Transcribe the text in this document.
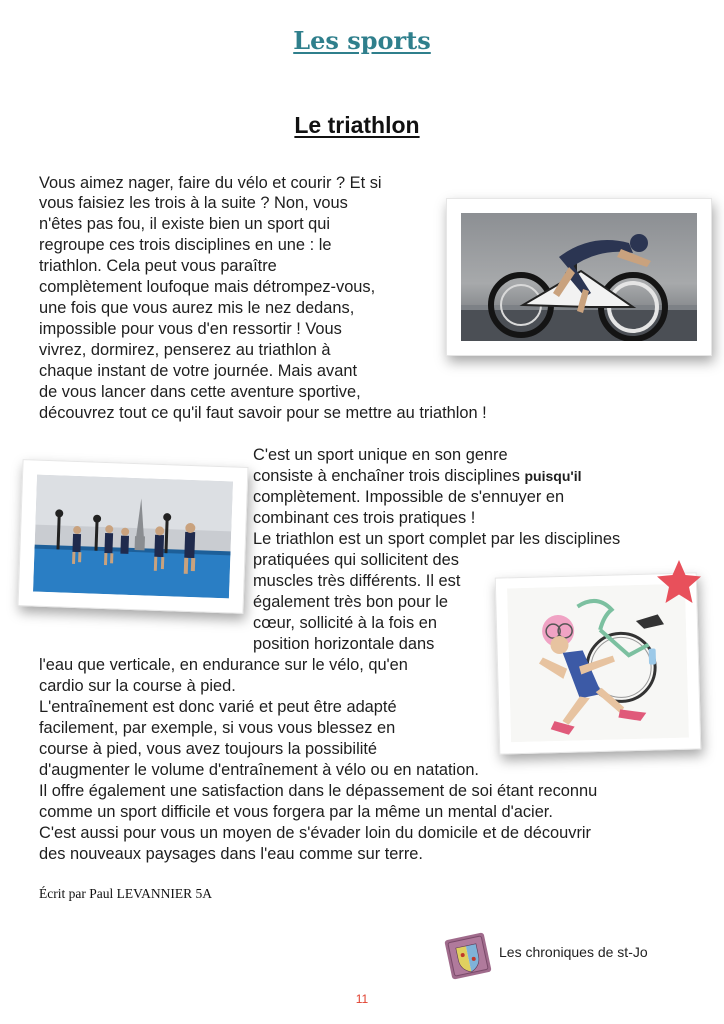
Les sports
Le triathlon
Vous aimez nager, faire du vélo et courir ? Et si
vous faisiez les trois à la suite ? Non, vous
n'êtes pas fou, il existe bien un sport qui
regroupe ces trois disciplines en une : le
triathlon. Cela peut vous paraître
complètement loufoque mais détrompez-vous,
une fois que vous aurez mis le nez dedans,
impossible pour vous d'en ressortir ! Vous
vivrez, dormirez, penserez au triathlon à
chaque instant de votre journée. Mais avant
de vous lancer dans cette aventure sportive,
découvrez tout ce qu'il faut savoir pour se mettre au triathlon !
C'est un sport unique en son genre
consiste à enchaîner trois disciplines puisqu'il
complètement. Impossible de s'ennuyer en
combinant ces trois pratiques !
Le triathlon est un sport complet par les disciplines
pratiquées qui sollicitent des
muscles très différents. Il est
également très bon pour le
cœur, sollicité à la fois en
position horizontale dans
l'eau que verticale, en endurance sur le vélo, qu'en
cardio sur la course à pied.
L'entraînement est donc varié et peut être adapté
facilement, par exemple, si vous vous blessez en
course à pied, vous avez toujours la possibilité
d'augmenter le volume d'entraînement à vélo ou en natation.
Il offre également une satisfaction dans le dépassement de soi étant reconnu
comme un sport difficile et vous forgera par la même un mental d'acier.
C'est aussi pour vous un moyen de s'évader loin du domicile et de découvrir
des nouveaux paysages dans l'eau comme sur terre.

Écrit par Paul LEVANNIER 5A

Les chroniques de st-Jo
11
